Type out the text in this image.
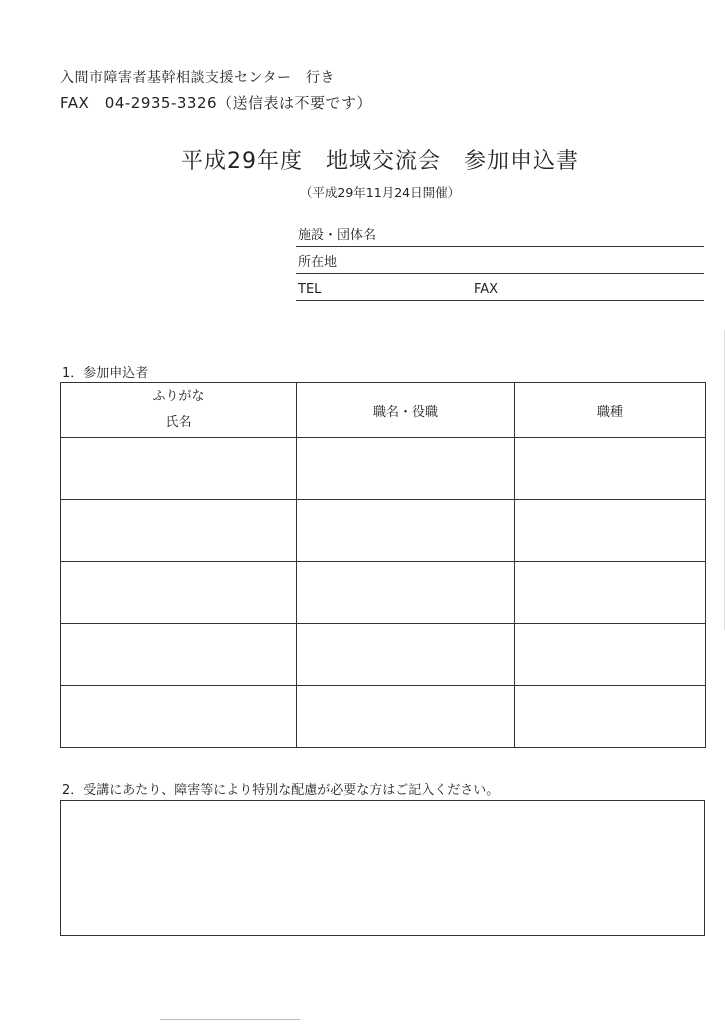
入間市障害者基幹相談支援センター　行き
FAX　04-2935-3326（送信表は不要です）
平成29年度　地域交流会　参加申込書
（平成29年11月24日開催）
施設・団体名
所在地
TEL	FAX
1．参加申込者
ふりがな
氏名	職名・役職	職種

2．受講にあたり、障害等により特別な配慮が必要な方はご記入ください。
